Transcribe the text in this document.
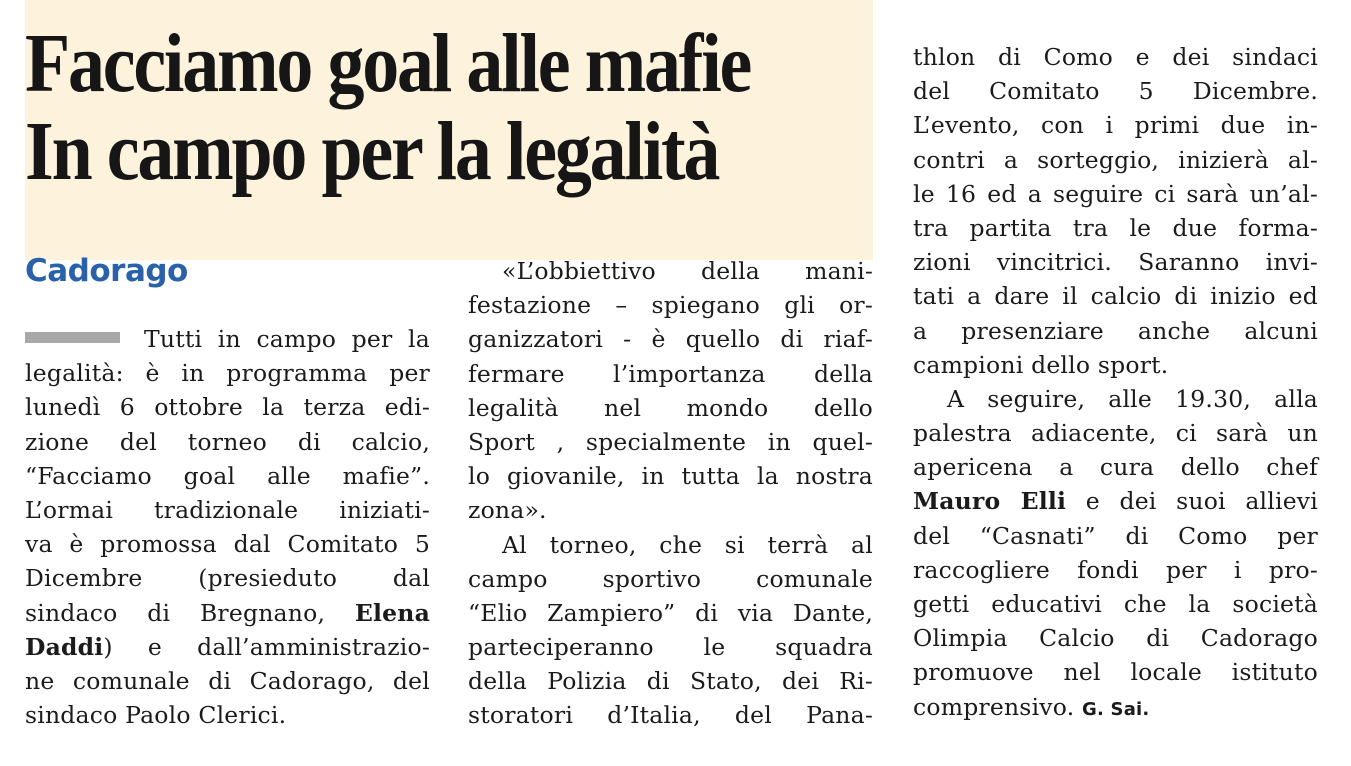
Facciamo goal alle mafie
In campo per la legalità
Cadorago
Tutti in campo per la
legalità: è in programma per
lunedì 6 ottobre la terza edi-
zione del torneo di calcio,
“Facciamo goal alle mafie”.
L’ormai tradizionale iniziati-
va è promossa dal Comitato 5
Dicembre (presieduto dal
sindaco di Bregnano, Elena
Daddi) e dall’amministrazio-
ne comunale di Cadorago, del
sindaco Paolo Clerici.
«L’obbiettivo della mani-
festazione – spiegano gli or-
ganizzatori - è quello di riaf-
fermare l’importanza della
legalità nel mondo dello
Sport , specialmente in quel-
lo giovanile, in tutta la nostra
zona».
Al torneo, che si terrà al
campo sportivo comunale
“Elio Zampiero” di via Dante,
parteciperanno le squadra
della Polizia di Stato, dei Ri-
storatori d’Italia, del Pana-
thlon di Como e dei sindaci
del Comitato 5 Dicembre.
L’evento, con i primi due in-
contri a sorteggio, inizierà al-
le 16 ed a seguire ci sarà un’al-
tra partita tra le due forma-
zioni vincitrici. Saranno invi-
tati a dare il calcio di inizio ed
a presenziare anche alcuni
campioni dello sport.
A seguire, alle 19.30, alla
palestra adiacente, ci sarà un
apericena a cura dello chef
Mauro Elli e dei suoi allievi
del “Casnati” di Como per
raccogliere fondi per i pro-
getti educativi che la società
Olimpia Calcio di Cadorago
promuove nel locale istituto
comprensivo. G. Sai.
